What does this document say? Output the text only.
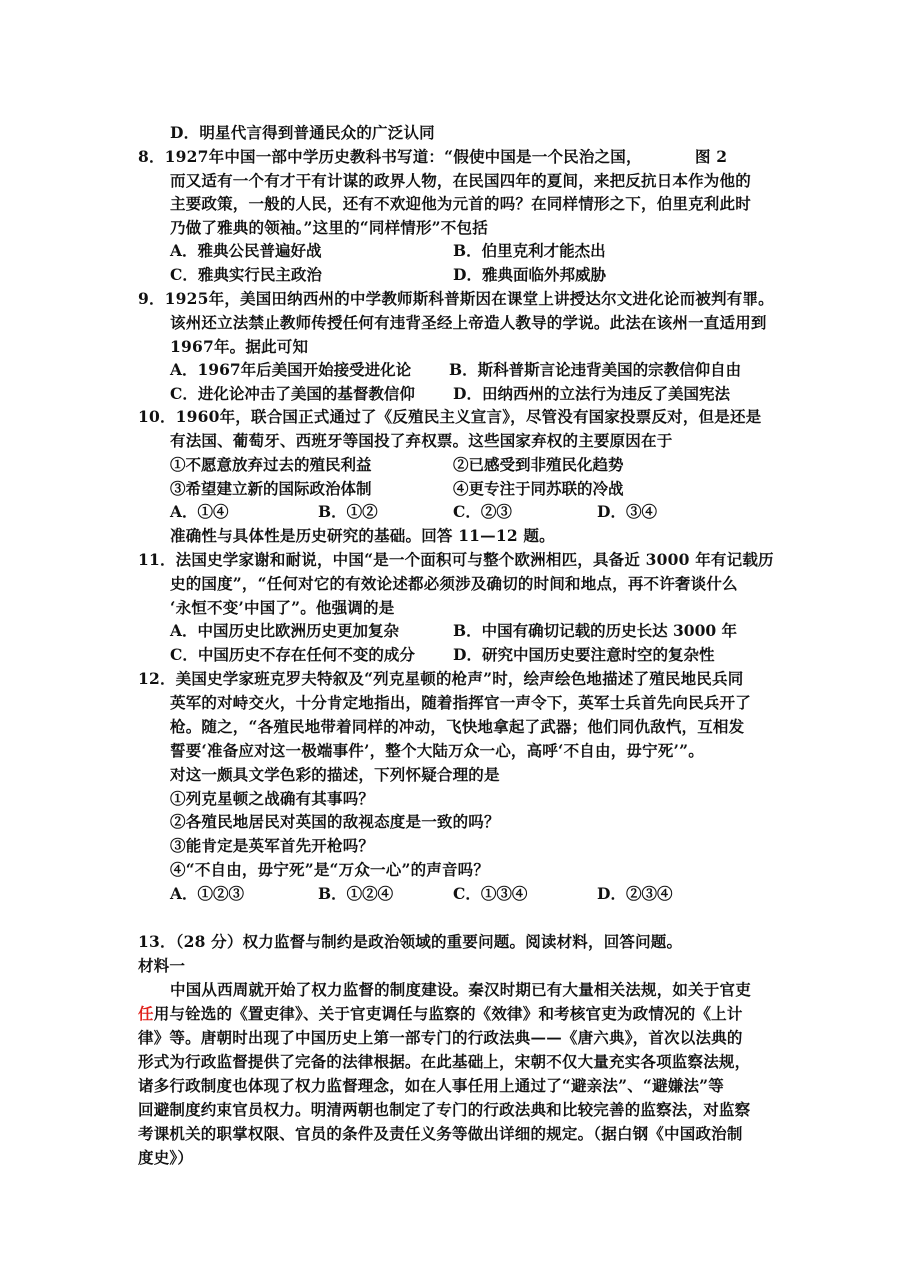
D．明星代言得到普通民众的广泛认同
8．1927年中国一部中学历史教科书写道：“假使中国是一个民治之国，	图 2
而又适有一个有才干有计谋的政界人物，在民国四年的夏间，来把反抗日本作为他的
主要政策，一般的人民，还有不欢迎他为元首的吗？在同样情形之下，伯里克利此时
乃做了雅典的领袖。”这里的“同样情形”不包括
A．雅典公民普遍好战	B．伯里克利才能杰出
C．雅典实行民主政治	D．雅典面临外邦威胁
9．1925年，美国田纳西州的中学教师斯科普斯因在课堂上讲授达尔文进化论而被判有罪。
该州还立法禁止教师传授任何有违背圣经上帝造人教导的学说。此法在该州一直适用到
1967年。据此可知
A．1967年后美国开始接受进化论 B．斯科普斯言论违背美国的宗教信仰自由
C．进化论冲击了美国的基督教信仰 D．田纳西州的立法行为违反了美国宪法
10．1960年，联合国正式通过了《反殖民主义宣言》，尽管没有国家投票反对，但是还是
有法国、葡萄牙、西班牙等国投了弃权票。这些国家弃权的主要原因在于
①不愿意放弃过去的殖民利益	②已感受到非殖民化趋势
③希望建立新的国际政治体制	④更专注于同苏联的冷战
A．①④	B．①②	C．②③	D．③④
准确性与具体性是历史研究的基础。回答 11—12 题。
11．法国史学家谢和耐说，中国“是一个面积可与整个欧洲相匹，具备近 3000 年有记载历
史的国度”，“任何对它的有效论述都必须涉及确切的时间和地点，再不许奢谈什么
‘永恒不变’中国了”。他强调的是
A．中国历史比欧洲历史更加复杂	B．中国有确切记载的历史长达 3000 年
C．中国历史不存在任何不变的成分 D．研究中国历史要注意时空的复杂性
12．美国史学家班克罗夫特叙及“列克星顿的枪声”时，绘声绘色地描述了殖民地民兵同
英军的对峙交火，十分肯定地指出，随着指挥官一声令下，英军士兵首先向民兵开了
枪。随之，“各殖民地带着同样的冲动，飞快地拿起了武器；他们同仇敌忾，互相发
誓要‘准备应对这一极端事件’，整个大陆万众一心，高呼‘不自由，毋宁死’”。
对这一颇具文学色彩的描述，下列怀疑合理的是
①列克星顿之战确有其事吗？
②各殖民地居民对英国的敌视态度是一致的吗？
③能肯定是英军首先开枪吗？
④“不自由，毋宁死”是“万众一心”的声音吗？
A．①②③	B．①②④	C．①③④	D．②③④
13．（28 分）权力监督与制约是政治领域的重要问题。阅读材料，回答问题。
材料一
中国从西周就开始了权力监督的制度建设。秦汉时期已有大量相关法规，如关于官吏
任用与铨选的《置吏律》、关于官吏调任与监察的《效律》和考核官吏为政情况的《上计
律》等。唐朝时出现了中国历史上第一部专门的行政法典——《唐六典》，首次以法典的
形式为行政监督提供了完备的法律根据。在此基础上，宋朝不仅大量充实各项监察法规，
诸多行政制度也体现了权力监督理念，如在人事任用上通过了“避亲法”、“避嫌法”等
回避制度约束官员权力。明清两朝也制定了专门的行政法典和比较完善的监察法，对监察
考课机关的职掌权限、官员的条件及责任义务等做出详细的规定。（据白钢《中国政治制
度史》）
